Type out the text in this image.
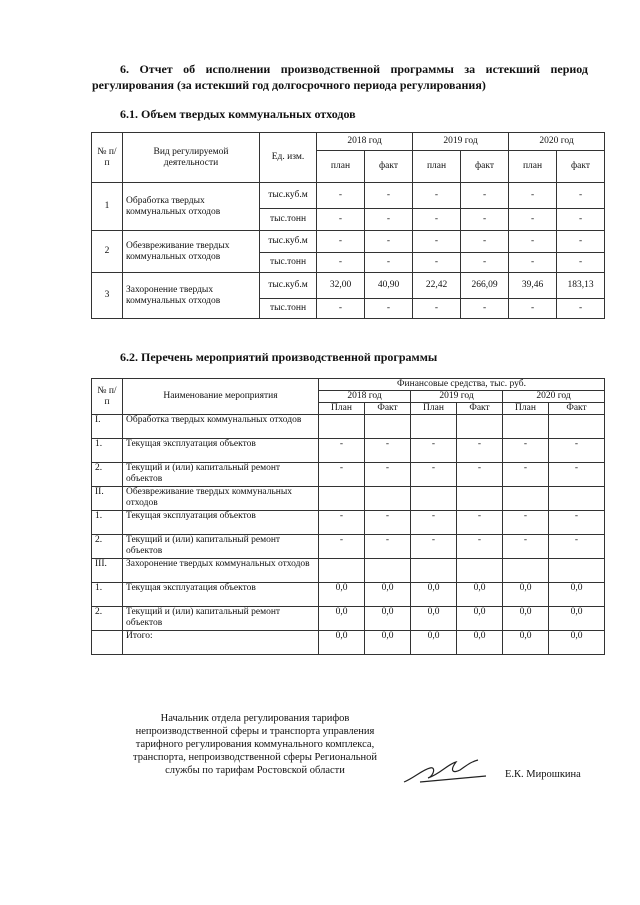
6. Отчет об исполнении производственной программы за истекший период регулирования (за истекший год долгосрочного периода регулирования)
6.1. Объем твердых коммунальных отходов
№ п/п	Вид регулируемой деятельности	Ед. изм.	2018 год		2019 год		2020 год	
			план	факт	план	факт	план	факт
1	Обработка твердых коммунальных отходов	тыс.куб.м	-	-	-	-	-	-
		тыс.тонн	-	-	-	-	-	-
2	Обезвреживание твердых коммунальных отходов	тыс.куб.м	-	-	-	-	-	-
		тыс.тонн	-	-	-	-	-	-
3	Захоронение твердых коммунальных отходов	тыс.куб.м	32,00	40,90	22,42	266,09	39,46	183,13
		тыс.тонн	-	-	-	-	-	-
6.2. Перечень мероприятий производственной программы
№ п/п	Наименование мероприятия	Финансовые средства, тыс. руб.					
		2018 год		2019 год		2020 год	
		План	Факт	План	Факт	План	Факт
I.	Обработка твердых коммунальных отходов						
1.	Текущая эксплуатация объектов	-	-	-	-	-	-
2.	Текущий и (или) капитальный ремонт объектов	-	-	-	-	-	-
II.	Обезвреживание твердых коммунальных отходов						
1.	Текущая эксплуатация объектов	-	-	-	-	-	-
2.	Текущий и (или) капитальный ремонт объектов	-	-	-	-	-	-
III.	Захоронение твердых коммунальных отходов						
1.	Текущая эксплуатация объектов	0,0	0,0	0,0	0,0	0,0	0,0
2.	Текущий и (или) капитальный ремонт объектов	0,0	0,0	0,0	0,0	0,0	0,0
	Итого:	0,0	0,0	0,0	0,0	0,0	0,0
Начальник отдела регулирования тарифов непроизводственной сферы и транспорта управления тарифного регулирования коммунального комплекса, транспорта, непроизводственной сферы Региональной службы по тарифам Ростовской области	Е.К. Мирошкина
